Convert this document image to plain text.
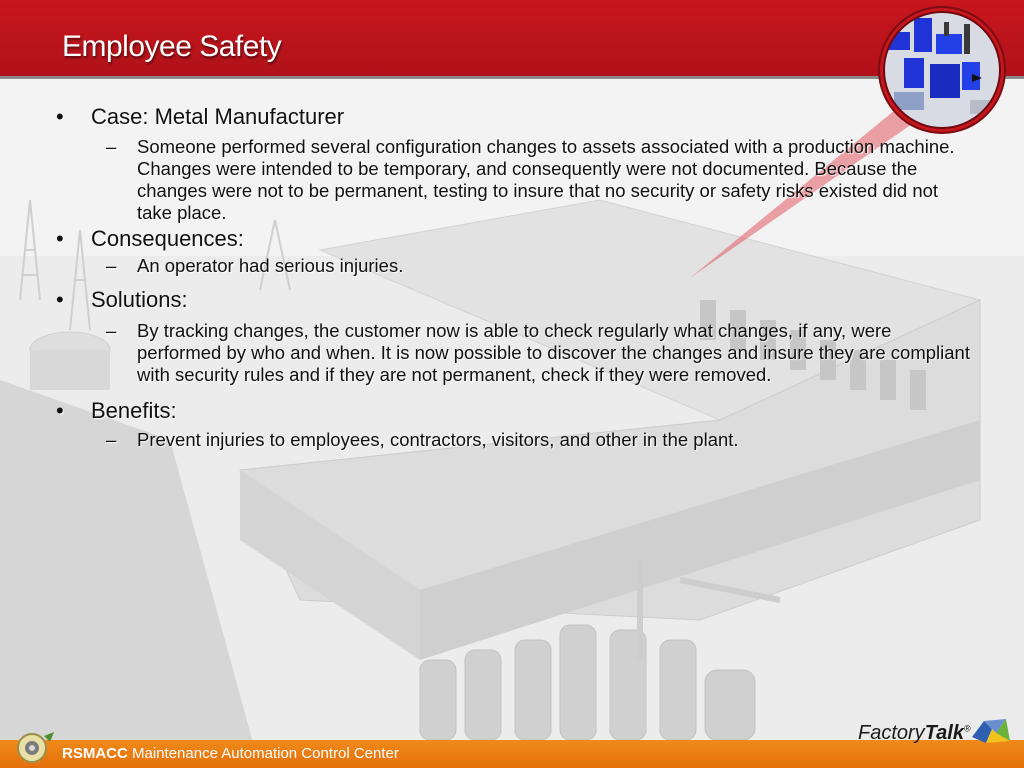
Employee Safety
• Case: Metal Manufacturer
– Someone performed several configuration changes to assets associated with a production machine. Changes were intended to be temporary, and consequently were not documented. Because the changes were not to be permanent, testing to insure that no security or safety risks existed did not take place.
• Consequences:
– An operator had serious injuries.
• Solutions:
– By tracking changes, the customer now is able to check regularly what changes, if any, were performed by who and when. It is now possible to discover the changes and insure they are compliant with security rules and if they are not permanent, check if they were removed.
• Benefits:
– Prevent injuries to employees, contractors, visitors, and other in the plant.
RSMACC Maintenance Automation Control Center
FactoryTalk®
